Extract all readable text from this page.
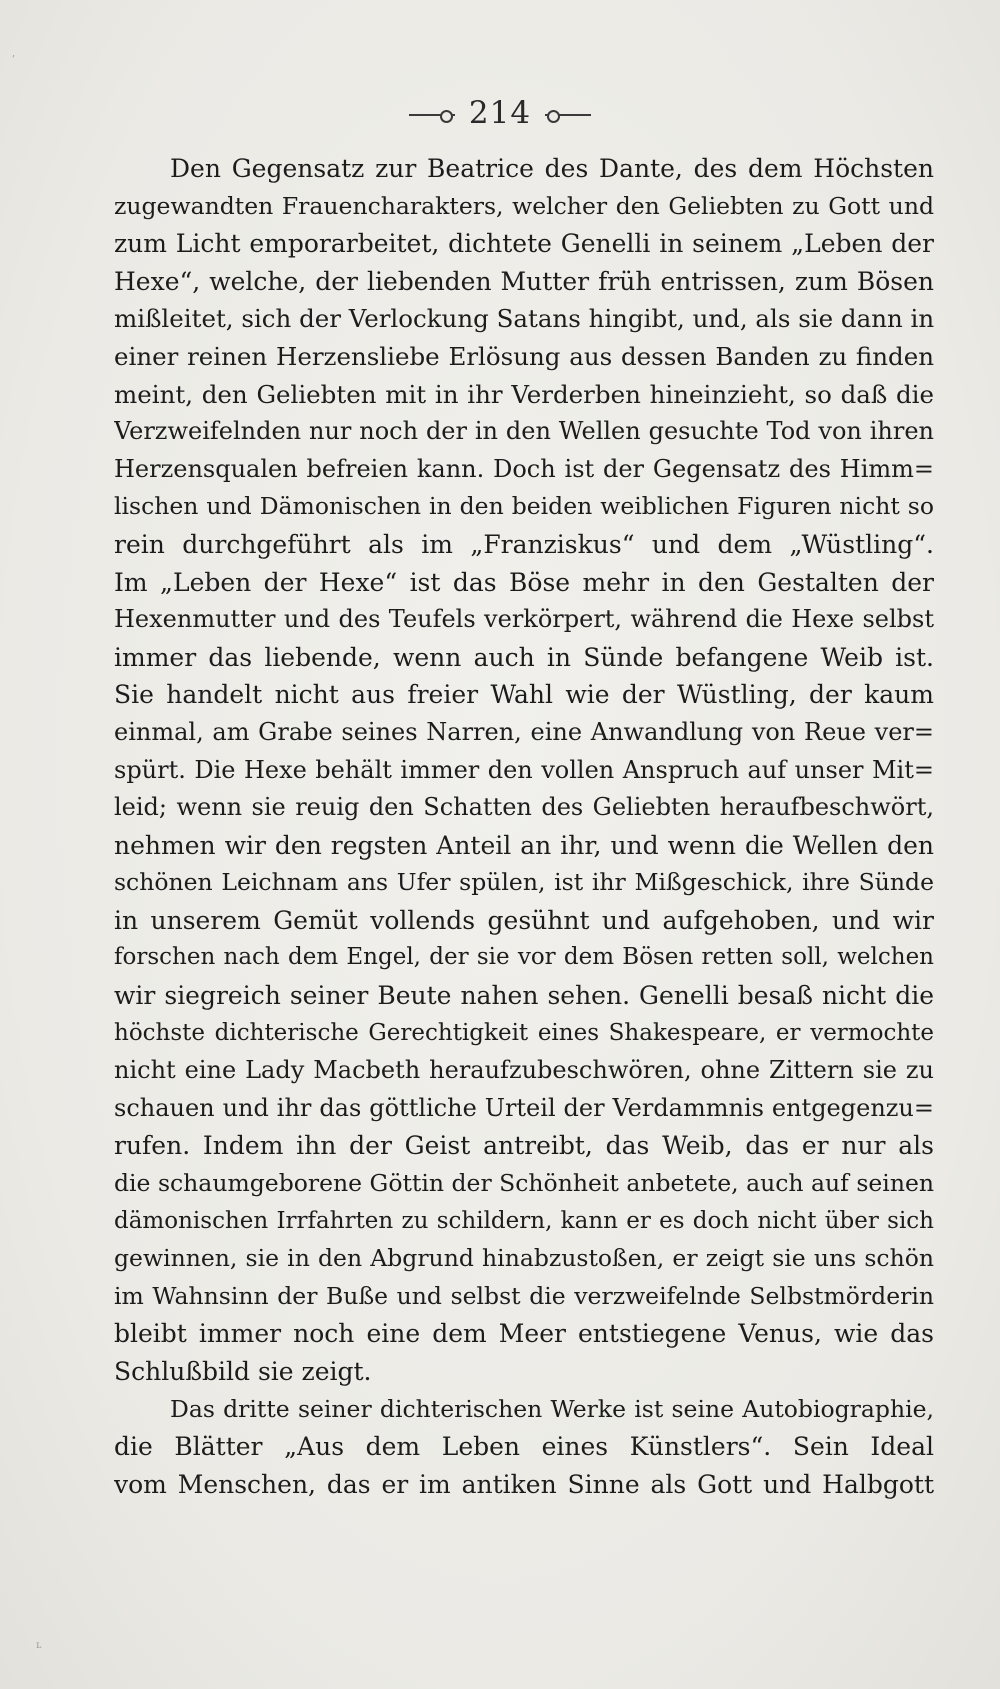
,
ʟ
214
Den Gegensatz zur Beatrice des Dante, des dem Höchsten
zugewandten Frauencharakters, welcher den Geliebten zu Gott und
zum Licht emporarbeitet, dichtete Genelli in seinem „Leben der
Hexe“, welche, der liebenden Mutter früh entrissen, zum Bösen
mißleitet, sich der Verlockung Satans hingibt, und, als sie dann in
einer reinen Herzensliebe Erlösung aus dessen Banden zu finden
meint, den Geliebten mit in ihr Verderben hineinzieht, so daß die
Verzweifelnden nur noch der in den Wellen gesuchte Tod von ihren
Herzensqualen befreien kann. Doch ist der Gegensatz des Himm=
lischen und Dämonischen in den beiden weiblichen Figuren nicht so
rein durchgeführt als im „Franziskus“ und dem „Wüstling“.
Im „Leben der Hexe“ ist das Böse mehr in den Gestalten der
Hexenmutter und des Teufels verkörpert, während die Hexe selbst
immer das liebende, wenn auch in Sünde befangene Weib ist.
Sie handelt nicht aus freier Wahl wie der Wüstling, der kaum
einmal, am Grabe seines Narren, eine Anwandlung von Reue ver=
spürt. Die Hexe behält immer den vollen Anspruch auf unser Mit=
leid; wenn sie reuig den Schatten des Geliebten heraufbeschwört,
nehmen wir den regsten Anteil an ihr, und wenn die Wellen den
schönen Leichnam ans Ufer spülen, ist ihr Mißgeschick, ihre Sünde
in unserem Gemüt vollends gesühnt und aufgehoben, und wir
forschen nach dem Engel, der sie vor dem Bösen retten soll, welchen
wir siegreich seiner Beute nahen sehen. Genelli besaß nicht die
höchste dichterische Gerechtigkeit eines Shakespeare, er vermochte
nicht eine Lady Macbeth heraufzubeschwören, ohne Zittern sie zu
schauen und ihr das göttliche Urteil der Verdammnis entgegenzu=
rufen. Indem ihn der Geist antreibt, das Weib, das er nur als
die schaumgeborene Göttin der Schönheit anbetete, auch auf seinen
dämonischen Irrfahrten zu schildern, kann er es doch nicht über sich
gewinnen, sie in den Abgrund hinabzustoßen, er zeigt sie uns schön
im Wahnsinn der Buße und selbst die verzweifelnde Selbstmörderin
bleibt immer noch eine dem Meer entstiegene Venus, wie das
Schlußbild sie zeigt.
Das dritte seiner dichterischen Werke ist seine Autobiographie,
die Blätter „Aus dem Leben eines Künstlers“. Sein Ideal
vom Menschen, das er im antiken Sinne als Gott und Halbgott
